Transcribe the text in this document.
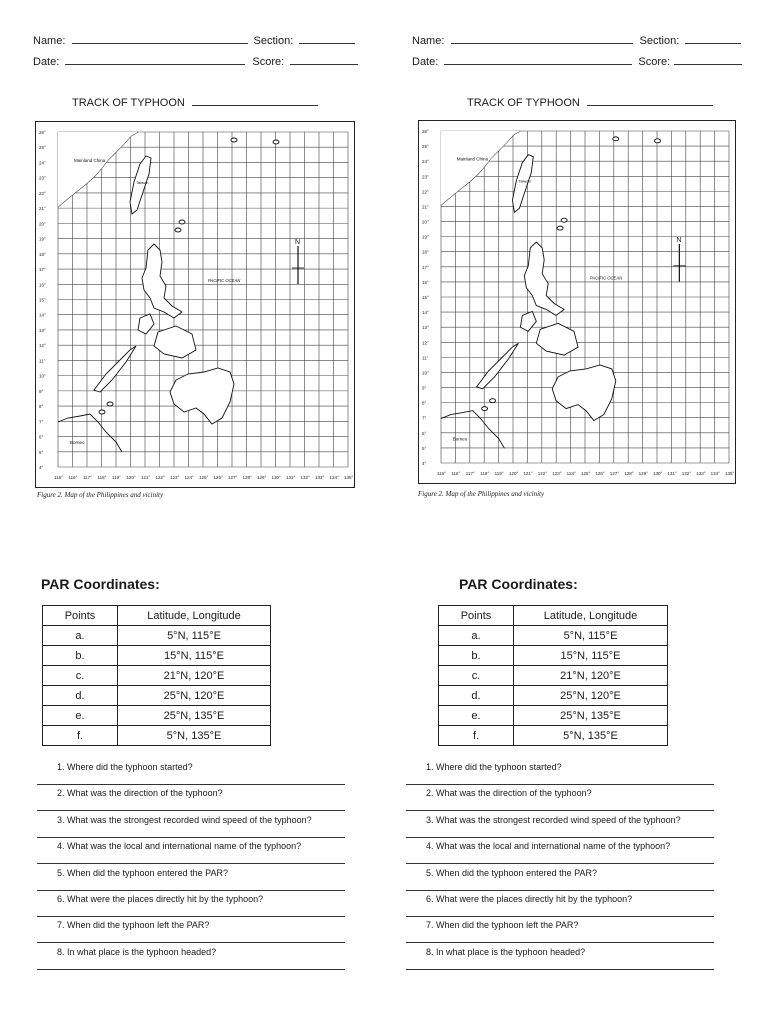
Name:	Section:
Date:	Score:
TRACK OF TYPHOON
26°
25°
24°
23°
22°
21°
20°
19°
18°
17°
16°
15°
14°
13°
12°
11°
10°
9°
8°
7°
6°
5°
4°
116° 116° 117° 118° 119° 120° 121° 122° 123° 124° 125° 126° 127° 128° 129° 130° 131° 132° 133° 134° 135°
Mainland China
Taiwan
PACIFIC OCEAN
Borneo
N
Figure 2. Map of the Philippines and vicinity
PAR Coordinates:
Points	Latitude, Longitude
a.	5°N, 115°E
b.	15°N, 115°E
c.	21°N, 120°E
d.	25°N, 120°E
e.	25°N, 135°E
f.	5°N, 135°E
1. Where did the typhoon started?
2. What was the direction of the typhoon?
3. What was the strongest recorded wind speed of the typhoon?
4. What was the local and international name of the typhoon?
5. When did the typhoon entered the PAR?
6. What were the places directly hit by the typhoon?
7. When did the typhoon left the PAR?
8. In what place is the typhoon headed?
Name:	Section:
Date:	Score:
TRACK OF TYPHOON
26°
25°
24°
23°
22°
21°
20°
19°
18°
17°
16°
15°
14°
13°
12°
11°
10°
9°
8°
7°
6°
5°
4°
116° 116° 117° 118° 119° 120° 121° 122° 123° 124° 125° 126° 127° 128° 129° 130° 131° 132° 133° 134° 135°
Mainland China
Taiwan
PACIFIC OCEAN
Borneo
N
Figure 2. Map of the Philippines and vicinity
PAR Coordinates:
Points	Latitude, Longitude
a.	5°N, 115°E
b.	15°N, 115°E
c.	21°N, 120°E
d.	25°N, 120°E
e.	25°N, 135°E
f.	5°N, 135°E
1. Where did the typhoon started?
2. What was the direction of the typhoon?
3. What was the strongest recorded wind speed of the typhoon?
4. What was the local and international name of the typhoon?
5. When did the typhoon entered the PAR?
6. What were the places directly hit by the typhoon?
7. When did the typhoon left the PAR?
8. In what place is the typhoon headed?
